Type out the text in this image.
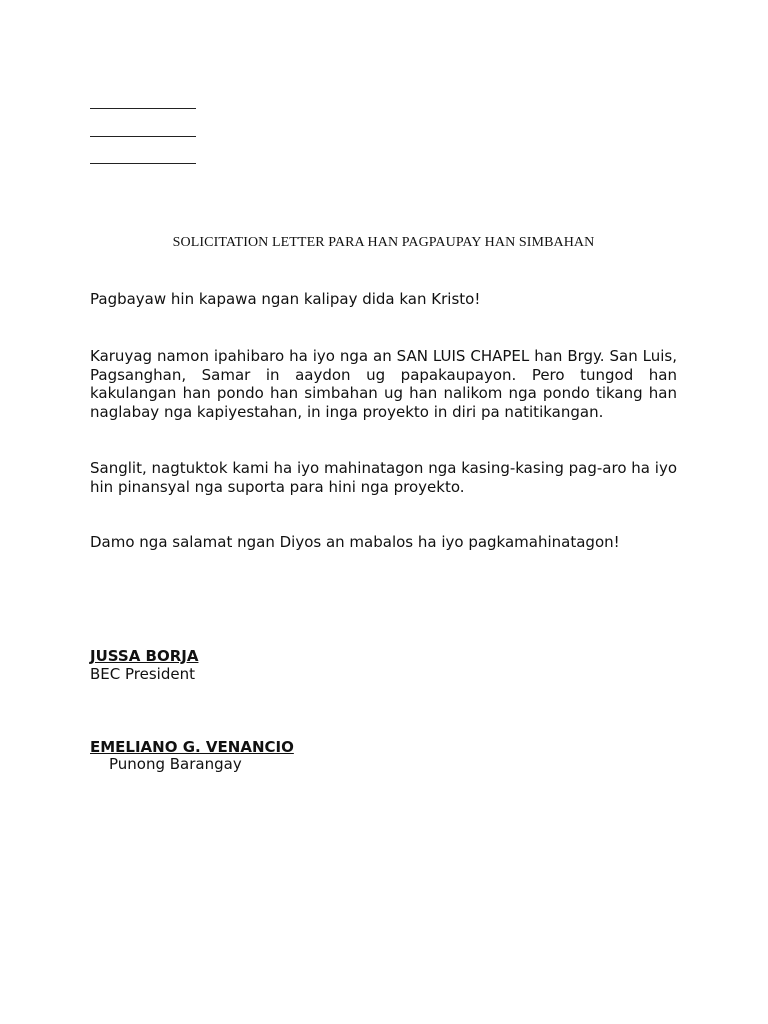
SOLICITATION LETTER PARA HAN PAGPAUPAY HAN SIMBAHAN

Pagbayaw hin kapawa ngan kalipay dida kan Kristo!

Karuyag namon ipahibaro ha iyo nga an SAN LUIS CHAPEL han Brgy. San Luis, Pagsanghan, Samar in aaydon ug papakaupayon. Pero tungod han kakulangan han pondo han simbahan ug han nalikom nga pondo tikang han naglabay nga kapiyestahan, in inga proyekto in diri pa natitikangan.

Sanglit, nagtuktok kami ha iyo mahinatagon nga kasing-kasing pag-aro ha iyo hin pinansyal nga suporta para hini nga proyekto.

Damo nga salamat ngan Diyos an mabalos ha iyo pagkamahinatagon!

JUSSA BORJA
BEC President
EMELIANO G. VENANCIO
Punong Barangay
